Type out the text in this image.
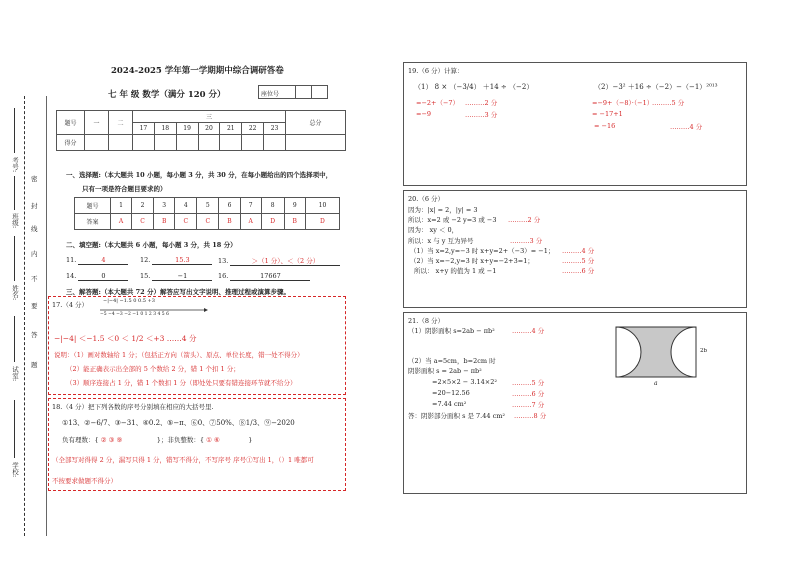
学校:
试室:
姓名:
班级:
考号:
密
封
线
内
不
要
答
题
2024-2025 学年第一学期期中综合调研答卷
七 年 级 数学（满分 120 分）	座位号
题号	一	二	三							总分
			17	18	19	20	21	22	23	
得分										
一、选择题:（本大题共 10 小题，每小题 3 分，共 30 分，在每小题给出的四个选择项中，
只有一项是符合题目要求的）
题号	1	2	3	4	5	6	7	8	9	10
答案	A	C	B	C	C	B	A	D	B	D
二、填空题:（本大题共 6 小题，每小题 3 分，共 18 分）
11.	4	12.	15.3	13.	＞（1 分）、＜（2 分）
14.	0	15.	−1	16.	17667
三、解答题:（本大题共 72 分）解答应写出文字说明、推理过程或演算步骤。
17.（4 分）	−|−4| −1.5 0 0.5 +3
−5 −4 −3 −2 −1 0 1 2 3 4 5 6
−|−4| ＜−1.5 ＜0 ＜ 1/2 ＜+3 ……4 分
说明：（1）画对数轴给 1 分；（包括正方向（箭头）、原点、单位长度，错一处不得分）
（2）能正确表示出全部的 5 个数给 2 分，错 1 个扣 1 分；
（3）顺序连接占 1 分，错 1 个数扣 1 分（即处处只要有错连接环节就不给分）
18.（4 分）把下列各数的序号分别填在相应的大括号里.
①13、②−6/7、③−31、④0.2、⑤−π、⑥0、⑦50%、⑧1/3、⑨−2020
负有理数：{ ② ③ ⑨	}；非负整数：{ ① ⑥	}
（全部写对得得 2 分，漏写只得 1 分，错写不得分，不写序号 序号①写出 1，（）1 唯都可
不按要求做题不得分）
19.（6 分）计算：
（1） 8 × （−3/4） ＋14 ÷ （−2）
=−2+（−7） ………2 分
=−9	………3 分
（2）−3² ＋16 ÷（−2）−（−1）²⁰¹³
=−9+（−8）·（−1）
………5 分
= −17+1
= −16	………4 分
20.（6 分）
因为：|x| = 2，|y| = 3
所以：x=2 或 −2 y=3 或 −3 ………2 分
因为： xy ＜ 0，
所以：x 与 y 互为异号	………3 分
（1）当 x=2,y=−3 时 x+y=2+（−3）= −1； ………4 分
（2）当 x=−2,y=3 时 x+y=−2+3=1；	………5 分
所以： x+y 的值为 1 或 −1	………6 分
21.（8 分）
（1）阴影面积 s=2ab − πb²	………4 分
（2）当 a=5cm，b=2cm 时
阴影面积 s = 2ab − πb²
=2×5×2 − 3.14×2² ………5 分
=20−12.56	………6 分
=7.44 cm²	………7 分
答：阴影部分面积 s 是 7.44 cm² ………8 分
2b
a
